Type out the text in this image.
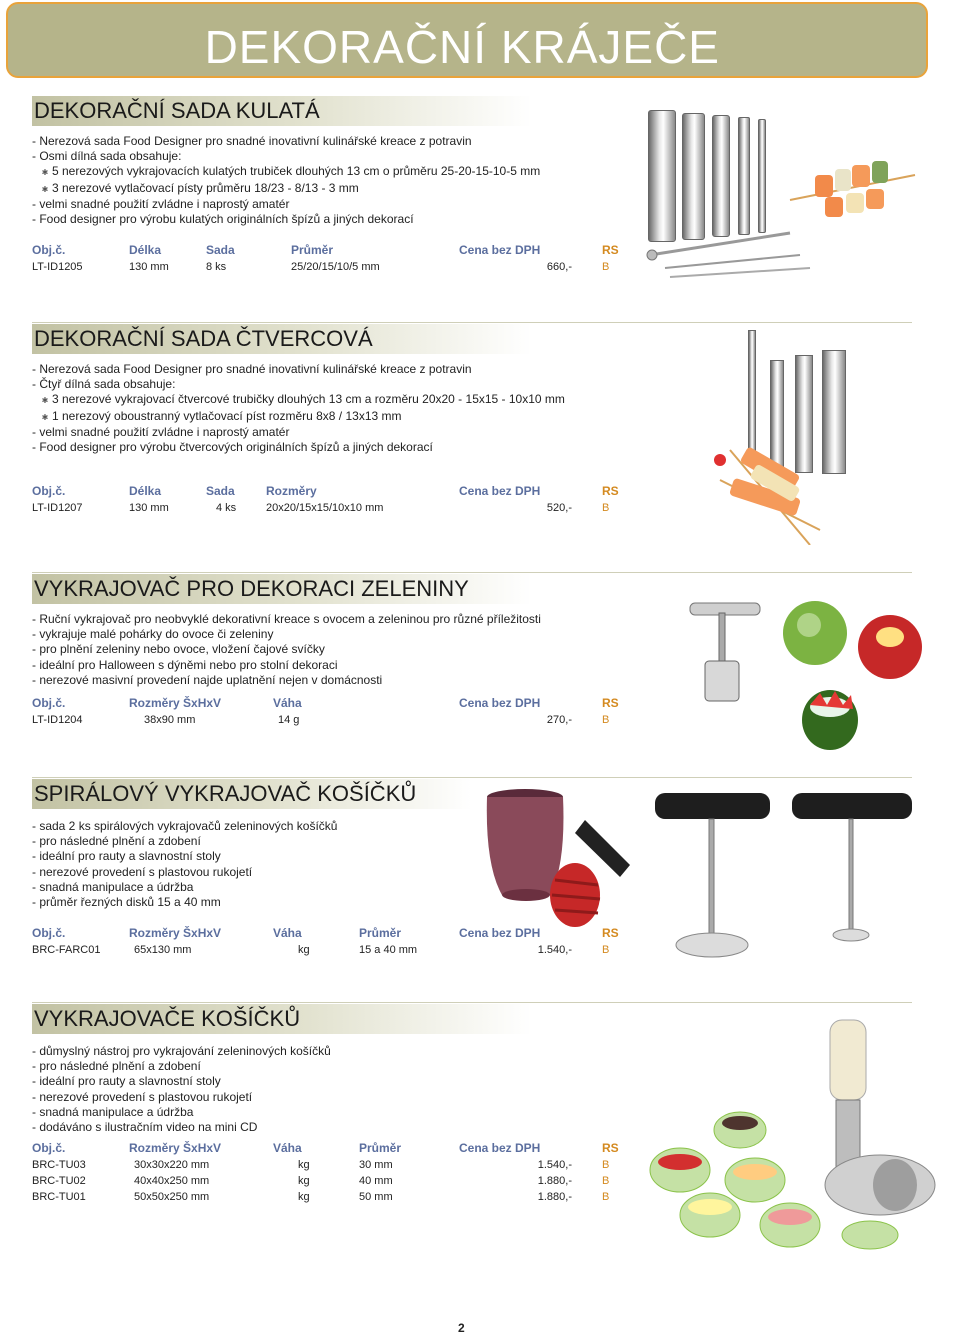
DEKORAČNÍ KRÁJEČE
DEKORAČNÍ SADA KULATÁ
- Nerezová sada Food Designer pro snadné inovativní kulinářské kreace z potravin
- Osmi dílná sada obsahuje:
✱ 5 nerezových vykrajovacích kulatých trubiček dlouhých 13 cm o průměru 25-20-15-10-5 mm
✱ 3 nerezové vytlačovací písty průměru 18/23 - 8/13 - 3 mm
- velmi snadné použití zvládne i naprostý amatér
- Food designer pro výrobu kulatých originálních špízů a jiných dekorací
Obj.č.	Délka	Sada	Průměr	Cena bez DPH	RS
LT-ID1205	130 mm	8 ks	25/20/15/10/5 mm	660,-	B
DEKORAČNÍ SADA ČTVERCOVÁ
- Nerezová sada Food Designer pro snadné inovativní kulinářské kreace z potravin
- Čtyř dílná sada obsahuje:
✱ 3 nerezové vykrajovací čtvercové trubičky dlouhých 13 cm a rozměru 20x20 - 15x15 - 10x10 mm
✱ 1 nerezový oboustranný vytlačovací píst rozměru 8x8 / 13x13 mm
- velmi snadné použití zvládne i naprostý amatér
- Food designer pro výrobu čtvercových originálních špízů a jiných dekorací
Obj.č.	Délka	Sada	Rozměry	Cena bez DPH	RS
LT-ID1207	130 mm	4 ks	20x20/15x15/10x10 mm	520,-	B
VYKRAJOVAČ PRO DEKORACI ZELENINY
- Ruční vykrajovač pro neobvyklé dekorativní kreace s ovocem a zeleninou pro různé příležitosti
- vykrajuje malé pohárky do ovoce či zeleniny
- pro plnění zeleniny nebo ovoce, vložení čajové svíčky
- ideální pro Halloween s dýněmi nebo pro stolní dekoraci
- nerezové masivní provedení najde uplatnění nejen v domácnosti
Obj.č.	Rozměry ŠxHxV	Váha		Cena bez DPH	RS
LT-ID1204	38x90 mm	14 g		270,-	B
SPIRÁLOVÝ VYKRAJOVAČ KOŠÍČKŮ
- sada 2 ks spirálových vykrajovačů zeleninových košíčků
- pro následné plnění a zdobení
- ideální pro rauty a slavnostní stoly
- nerezové provedení s plastovou rukojetí
- snadná manipulace a údržba
- průměr řezných disků 15 a 40 mm
Obj.č.	Rozměry ŠxHxV	Váha	Průměr	Cena bez DPH	RS
BRC-FARC01	65x130 mm	kg	15 a 40 mm	1.540,-	B
VYKRAJOVAČE KOŠÍČKŮ
- důmyslný nástroj pro vykrajování zeleninových košíčků
- pro následné plnění a zdobení
- ideální pro rauty a slavnostní stoly
- nerezové provedení s plastovou rukojetí
- snadná manipulace a údržba
- dodáváno s ilustračním video na mini CD
Obj.č.	Rozměry ŠxHxV	Váha	Průměr	Cena bez DPH	RS
BRC-TU03	30x30x220 mm	kg	30 mm	1.540,-	B
BRC-TU02	40x40x250 mm	kg	40 mm	1.880,-	B
BRC-TU01	50x50x250 mm	kg	50 mm	1.880,-	B
2
